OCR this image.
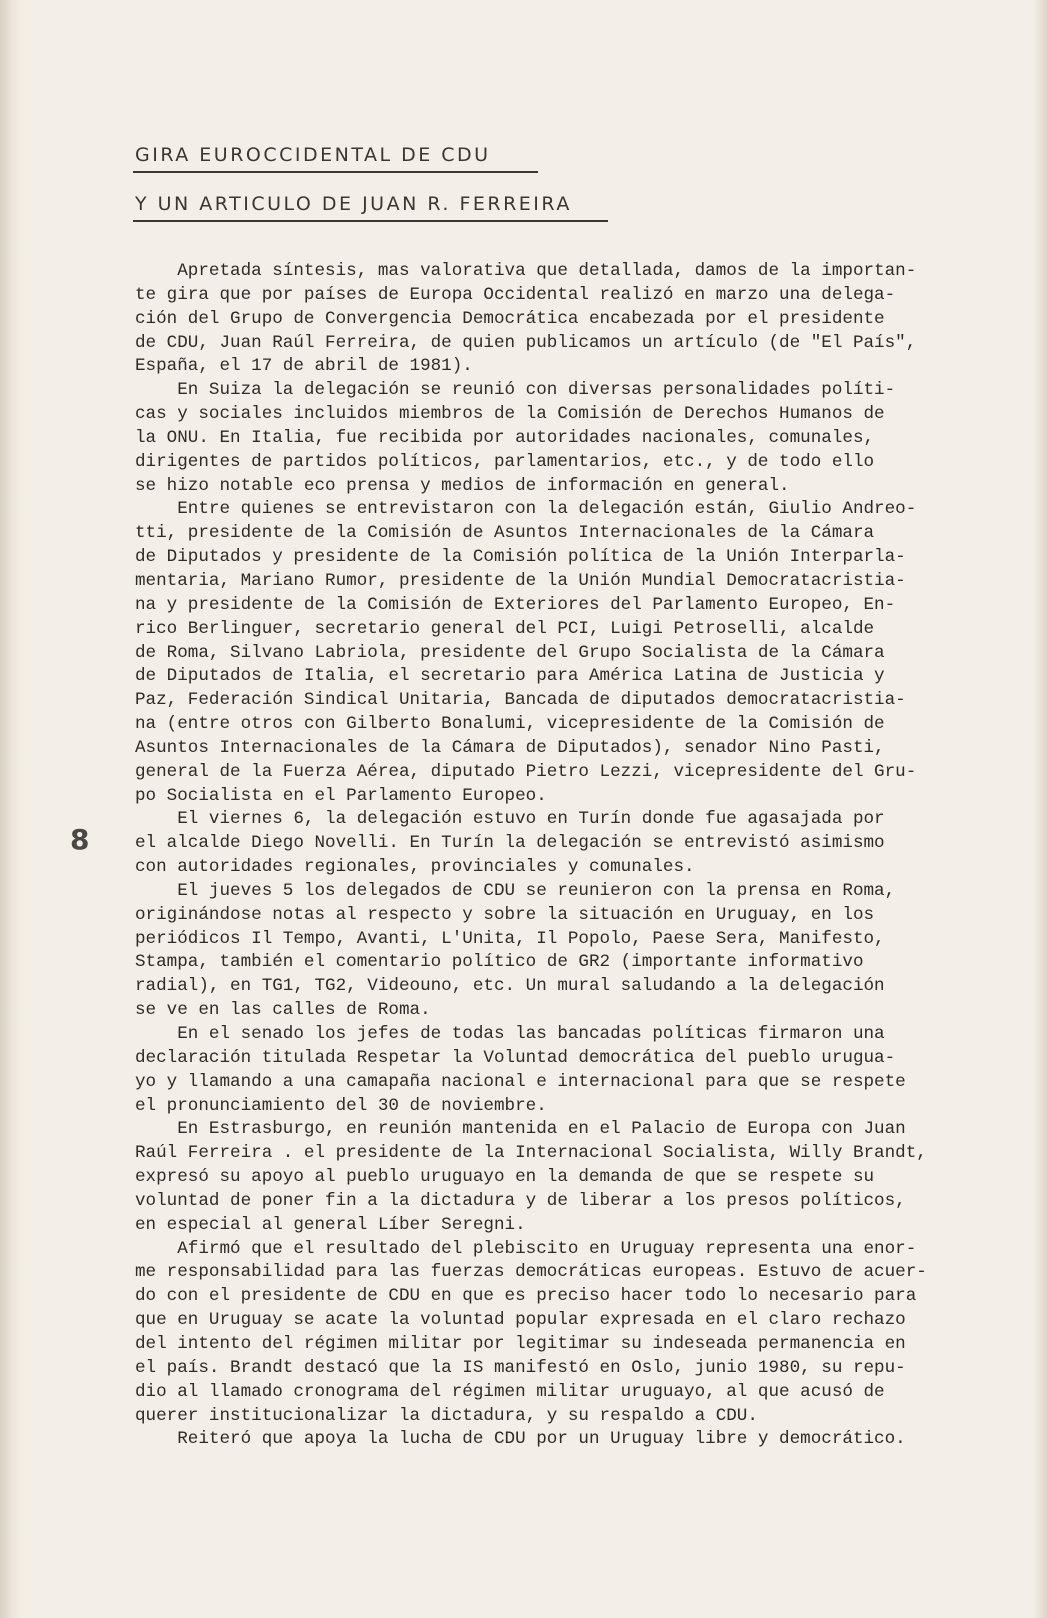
GIRA EUROCCIDENTAL DE CDU
Y UN ARTICULO DE JUAN R. FERREIRA
8
Apretada síntesis, mas valorativa que detallada, damos de la importan-
te gira que por países de Europa Occidental realizó en marzo una delega-
ción del Grupo de Convergencia Democrática encabezada por el presidente
de CDU, Juan Raúl Ferreira, de quien publicamos un artículo (de "El País",
España, el 17 de abril de 1981).
En Suiza la delegación se reunió con diversas personalidades políti-
cas y sociales incluidos miembros de la Comisión de Derechos Humanos de
la ONU. En Italia, fue recibida por autoridades nacionales, comunales,
dirigentes de partidos políticos, parlamentarios, etc., y de todo ello
se hizo notable eco prensa y medios de información en general.
Entre quienes se entrevistaron con la delegación están, Giulio Andreo-
tti, presidente de la Comisión de Asuntos Internacionales de la Cámara
de Diputados y presidente de la Comisión política de la Unión Interparla-
mentaria, Mariano Rumor, presidente de la Unión Mundial Democratacristia-
na y presidente de la Comisión de Exteriores del Parlamento Europeo, En-
rico Berlinguer, secretario general del PCI, Luigi Petroselli, alcalde
de Roma, Silvano Labriola, presidente del Grupo Socialista de la Cámara
de Diputados de Italia, el secretario para América Latina de Justicia y
Paz, Federación Sindical Unitaria, Bancada de diputados democratacristia-
na (entre otros con Gilberto Bonalumi, vicepresidente de la Comisión de
Asuntos Internacionales de la Cámara de Diputados), senador Nino Pasti,
general de la Fuerza Aérea, diputado Pietro Lezzi, vicepresidente del Gru-
po Socialista en el Parlamento Europeo.
El viernes 6, la delegación estuvo en Turín donde fue agasajada por
el alcalde Diego Novelli. En Turín la delegación se entrevistó asimismo
con autoridades regionales, provinciales y comunales.
El jueves 5 los delegados de CDU se reunieron con la prensa en Roma,
originándose notas al respecto y sobre la situación en Uruguay, en los
periódicos Il Tempo, Avanti, L'Unita, Il Popolo, Paese Sera, Manifesto,
Stampa, también el comentario político de GR2 (importante informativo
radial), en TG1, TG2, Videouno, etc. Un mural saludando a la delegación
se ve en las calles de Roma.
En el senado los jefes de todas las bancadas políticas firmaron una
declaración titulada Respetar la Voluntad democrática del pueblo urugua-
yo y llamando a una camapaña nacional e internacional para que se respete
el pronunciamiento del 30 de noviembre.
En Estrasburgo, en reunión mantenida en el Palacio de Europa con Juan
Raúl Ferreira . el presidente de la Internacional Socialista, Willy Brandt,
expresó su apoyo al pueblo uruguayo en la demanda de que se respete su
voluntad de poner fin a la dictadura y de liberar a los presos políticos,
en especial al general Líber Seregni.
Afirmó que el resultado del plebiscito en Uruguay representa una enor-
me responsabilidad para las fuerzas democráticas europeas. Estuvo de acuer-
do con el presidente de CDU en que es preciso hacer todo lo necesario para
que en Uruguay se acate la voluntad popular expresada en el claro rechazo
del intento del régimen militar por legitimar su indeseada permanencia en
el país. Brandt destacó que la IS manifestó en Oslo, junio 1980, su repu-
dio al llamado cronograma del régimen militar uruguayo, al que acusó de
querer institucionalizar la dictadura, y su respaldo a CDU.
Reiteró que apoya la lucha de CDU por un Uruguay libre y democrático.
